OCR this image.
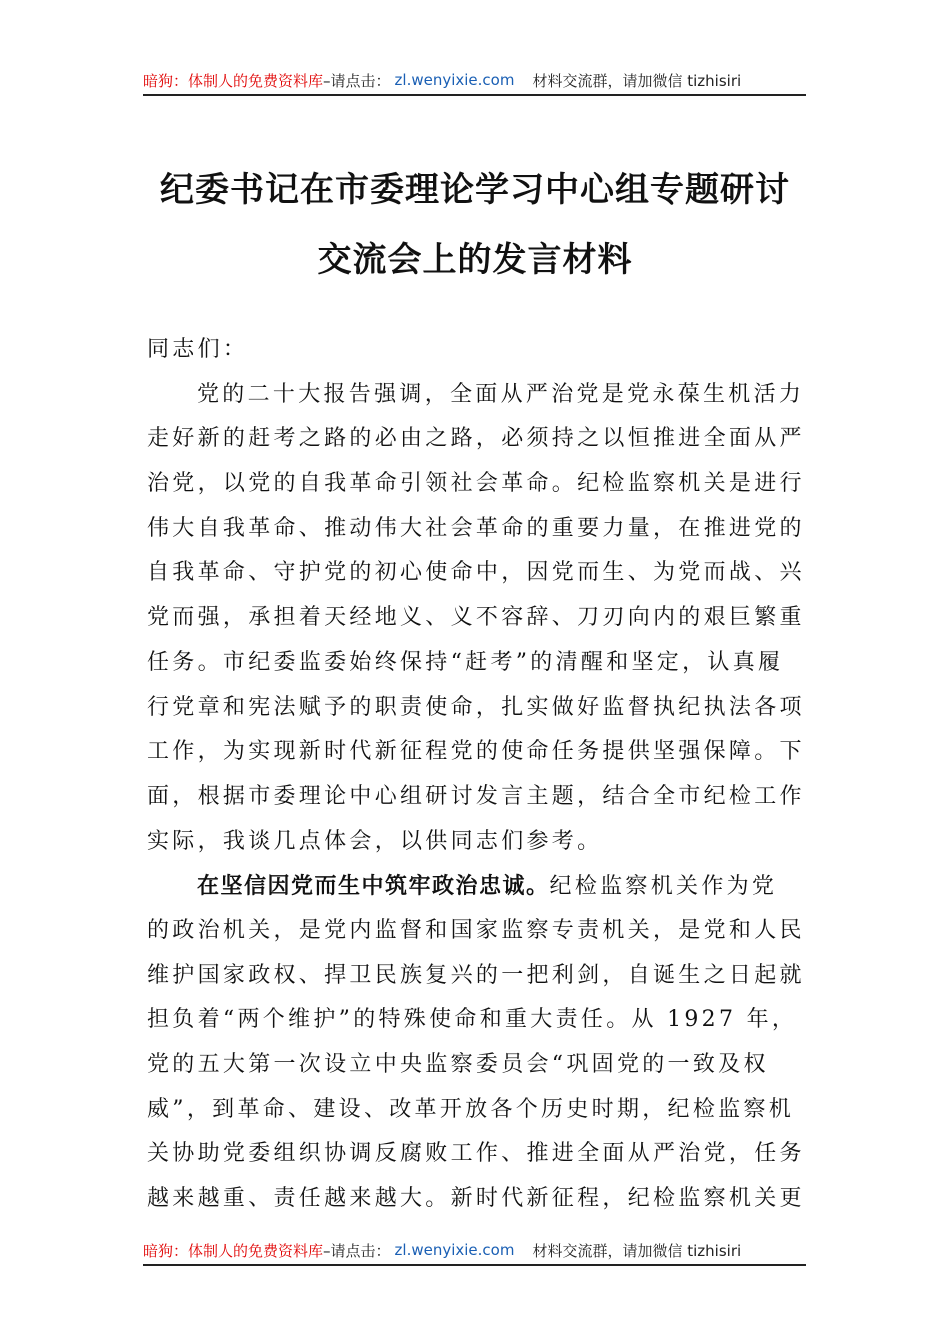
暗狗：体制人的免费资料库 –请点击： zl.wenyixie.com 材料交流群，请加微信 tizhisiri
纪委书记在市委理论学习中心组专题研讨
交流会上的发言材料
同志们：
党的二十大报告强调，全面从严治党是党永葆生机活力
走好新的赶考之路的必由之路，必须持之以恒推进全面从严
治党，以党的自我革命引领社会革命。纪检监察机关是进行
伟大自我革命、推动伟大社会革命的重要力量，在推进党的
自我革命、守护党的初心使命中，因党而生、为党而战、兴
党而强，承担着天经地义、义不容辞、刀刃向内的艰巨繁重
任务。市纪委监委始终保持“赶考”的清醒和坚定，认真履
行党章和宪法赋予的职责使命，扎实做好监督执纪执法各项
工作，为实现新时代新征程党的使命任务提供坚强保障。下
面，根据市委理论中心组研讨发言主题，结合全市纪检工作
实际，我谈几点体会，以供同志们参考。
在坚信因党而生中筑牢政治忠诚。纪检监察机关作为党
的政治机关，是党内监督和国家监察专责机关，是党和人民
维护国家政权、捍卫民族复兴的一把利剑，自诞生之日起就
担负着“两个维护”的特殊使命和重大责任。从 1927 年，
党的五大第一次设立中央监察委员会“巩固党的一致及权
威”，到革命、建设、改革开放各个历史时期，纪检监察机
关协助党委组织协调反腐败工作、推进全面从严治党，任务
越来越重、责任越来越大。新时代新征程，纪检监察机关更
暗狗：体制人的免费资料库 –请点击： zl.wenyixie.com 材料交流群，请加微信 tizhisiri
